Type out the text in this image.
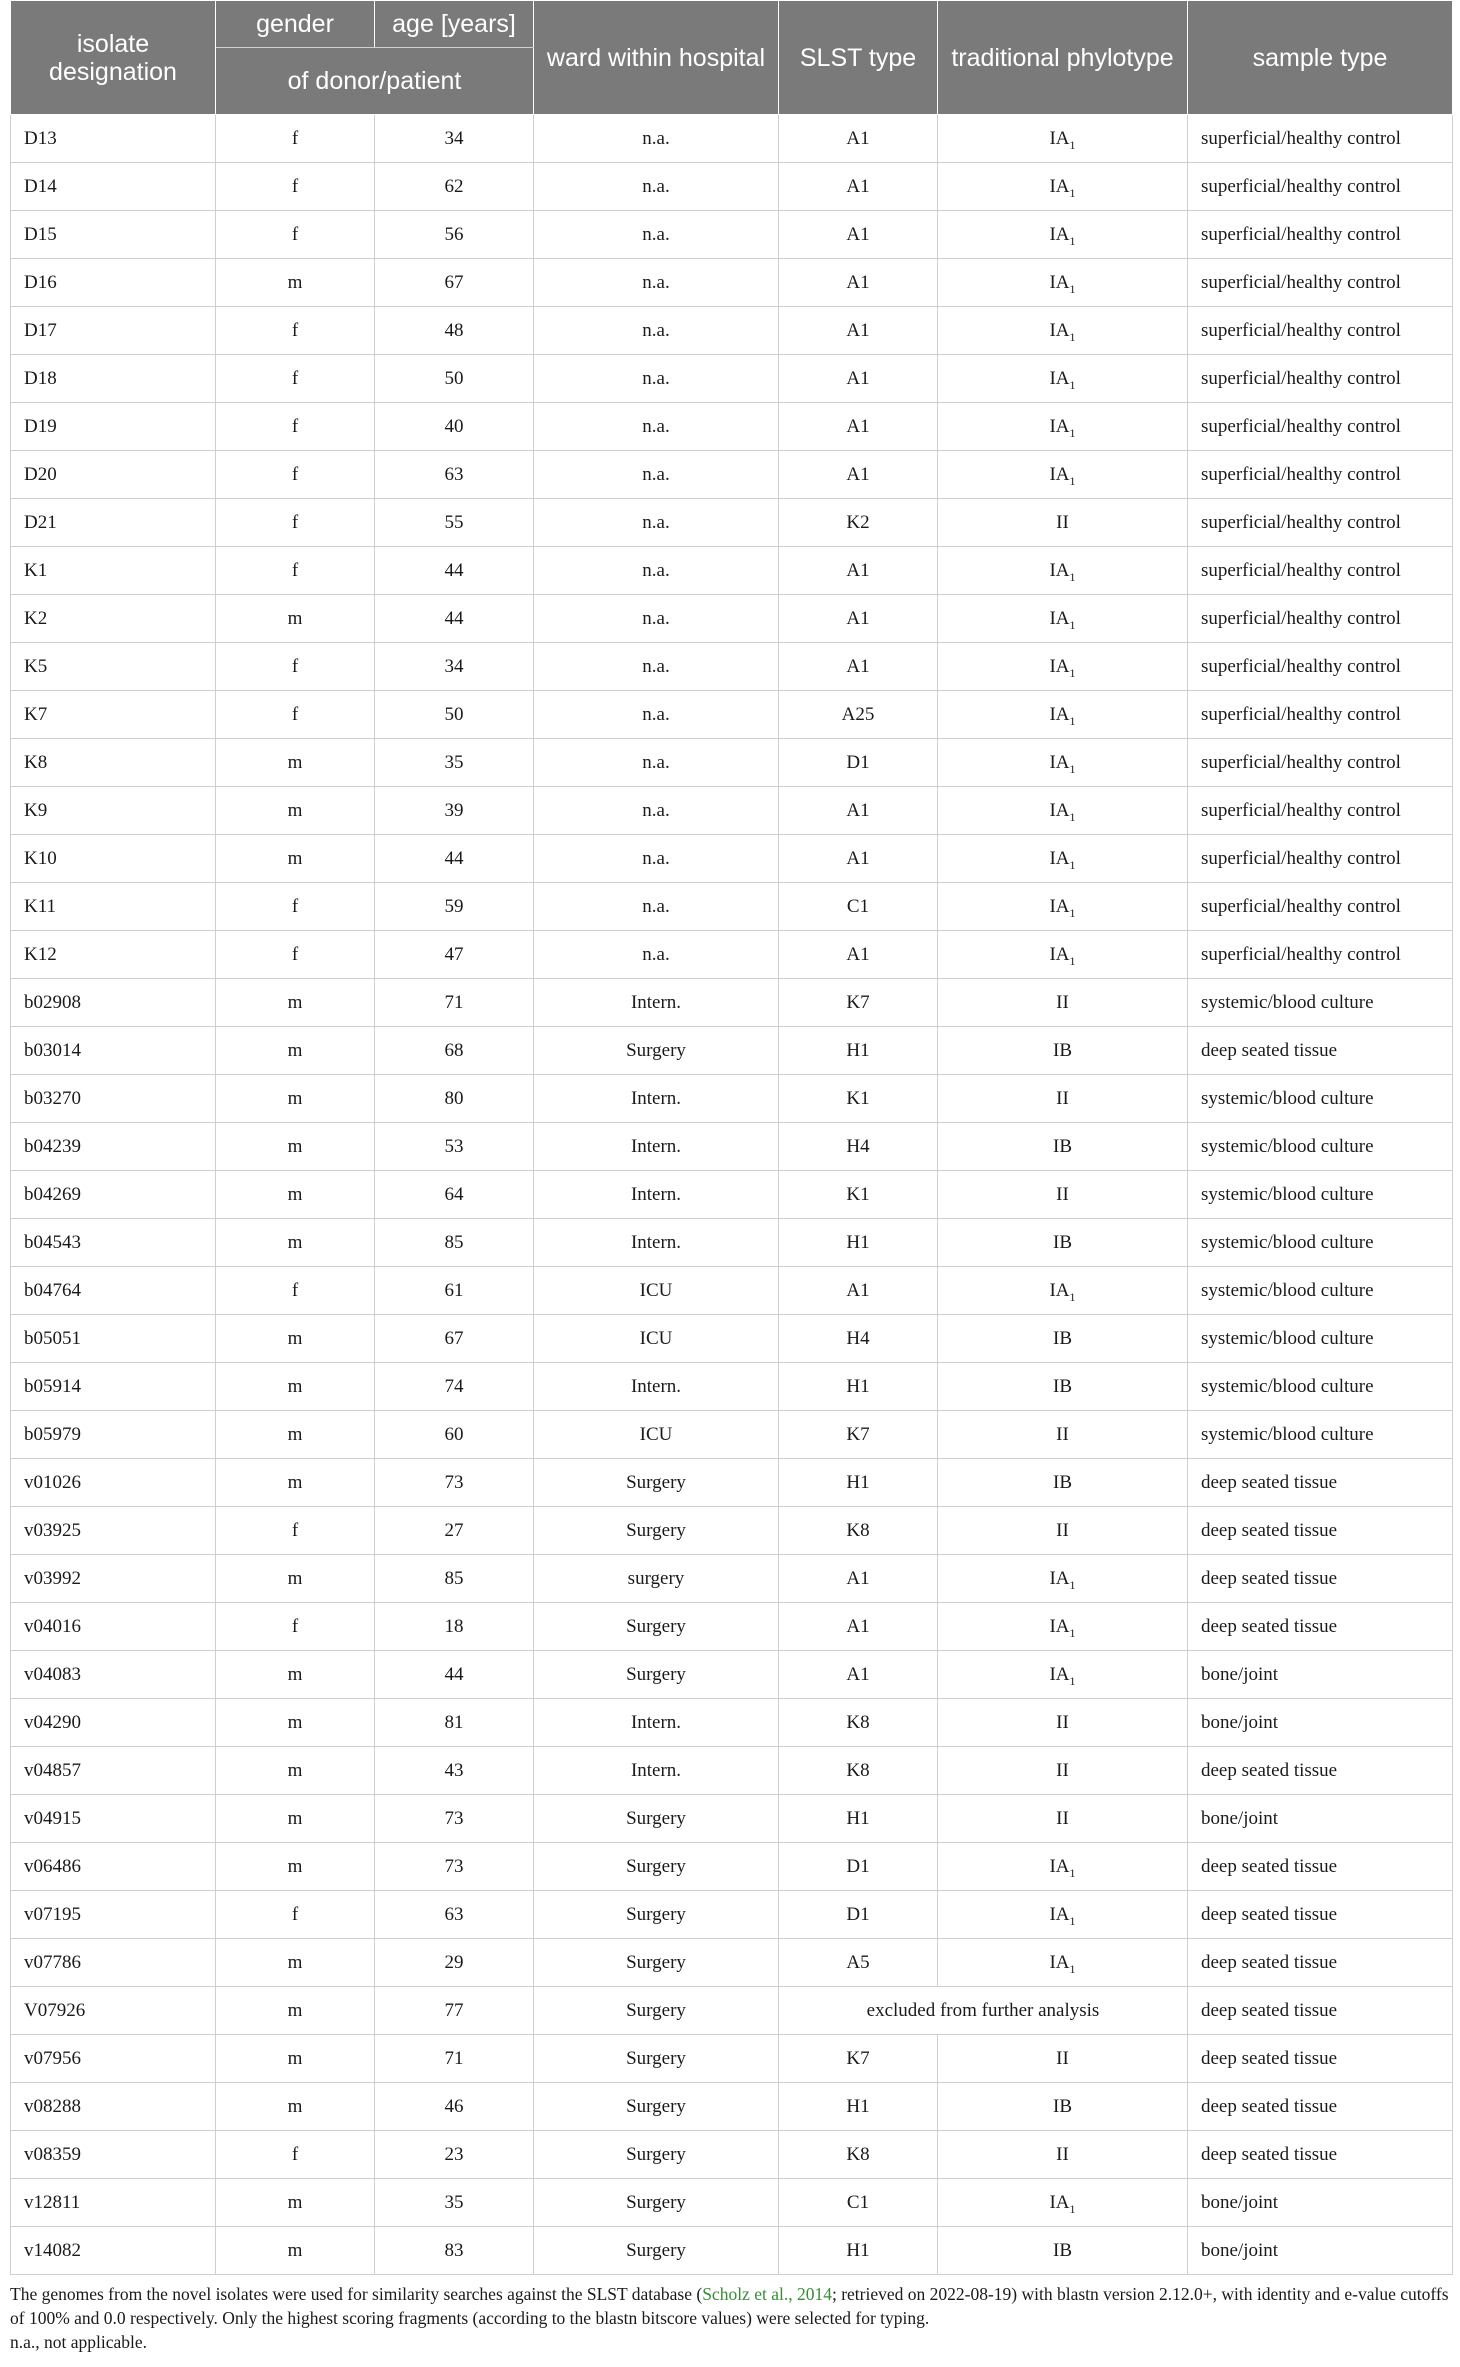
isolate designation	gender	age [years]	ward within hospital	SLST type	traditional phylotype	sample type
	of donor/patient					
D13	f	34	n.a.	A1	$IA_1$	superficial/healthy control
D14	f	62	n.a.	A1	$IA_1$	superficial/healthy control
D15	f	56	n.a.	A1	$IA_1$	superficial/healthy control
D16	m	67	n.a.	A1	$IA_1$	superficial/healthy control
D17	f	48	n.a.	A1	$IA_1$	superficial/healthy control
D18	f	50	n.a.	A1	$IA_1$	superficial/healthy control
D19	f	40	n.a.	A1	$IA_1$	superficial/healthy control
D20	f	63	n.a.	A1	$IA_1$	superficial/healthy control
D21	f	55	n.a.	K2	II	superficial/healthy control
K1	f	44	n.a.	A1	$IA_1$	superficial/healthy control
K2	m	44	n.a.	A1	$IA_1$	superficial/healthy control
K5	f	34	n.a.	A1	$IA_1$	superficial/healthy control
K7	f	50	n.a.	A25	$IA_1$	superficial/healthy control
K8	m	35	n.a.	D1	$IA_1$	superficial/healthy control
K9	m	39	n.a.	A1	$IA_1$	superficial/healthy control
K10	m	44	n.a.	A1	$IA_1$	superficial/healthy control
K11	f	59	n.a.	C1	$IA_1$	superficial/healthy control
K12	f	47	n.a.	A1	$IA_1$	superficial/healthy control
b02908	m	71	Intern.	K7	II	systemic/blood culture
b03014	m	68	Surgery	H1	IB	deep seated tissue
b03270	m	80	Intern.	K1	II	systemic/blood culture
b04239	m	53	Intern.	H4	IB	systemic/blood culture
b04269	m	64	Intern.	K1	II	systemic/blood culture
b04543	m	85	Intern.	H1	IB	systemic/blood culture
b04764	f	61	ICU	A1	$IA_1$	systemic/blood culture
b05051	m	67	ICU	H4	IB	systemic/blood culture
b05914	m	74	Intern.	H1	IB	systemic/blood culture
b05979	m	60	ICU	K7	II	systemic/blood culture
v01026	m	73	Surgery	H1	IB	deep seated tissue
v03925	f	27	Surgery	K8	II	deep seated tissue
v03992	m	85	surgery	A1	$IA_1$	deep seated tissue
v04016	f	18	Surgery	A1	$IA_1$	deep seated tissue
v04083	m	44	Surgery	A1	$IA_1$	bone/joint
v04290	m	81	Intern.	K8	II	bone/joint
v04857	m	43	Intern.	K8	II	deep seated tissue
v04915	m	73	Surgery	H1	II	bone/joint
v06486	m	73	Surgery	D1	$IA_1$	deep seated tissue
v07195	f	63	Surgery	D1	$IA_1$	deep seated tissue
v07786	m	29	Surgery	A5	$IA_1$	deep seated tissue
V07926	m	77	Surgery	excluded from further analysis		deep seated tissue
v07956	m	71	Surgery	K7	II	deep seated tissue
v08288	m	46	Surgery	H1	IB	deep seated tissue
v08359	f	23	Surgery	K8	II	deep seated tissue
v12811	m	35	Surgery	C1	$IA_1$	bone/joint
v14082	m	83	Surgery	H1	IB	bone/joint

The genomes from the novel isolates were used for similarity searches against the SLST database (Scholz et al., 2014; retrieved on 2022-08-19) with blastn version 2.12.0+, with identity and e-value cutoffs of 100% and 0.0 respectively. Only the highest scoring fragments (according to the blastn bitscore values) were selected for typing.

n.a., not applicable.
